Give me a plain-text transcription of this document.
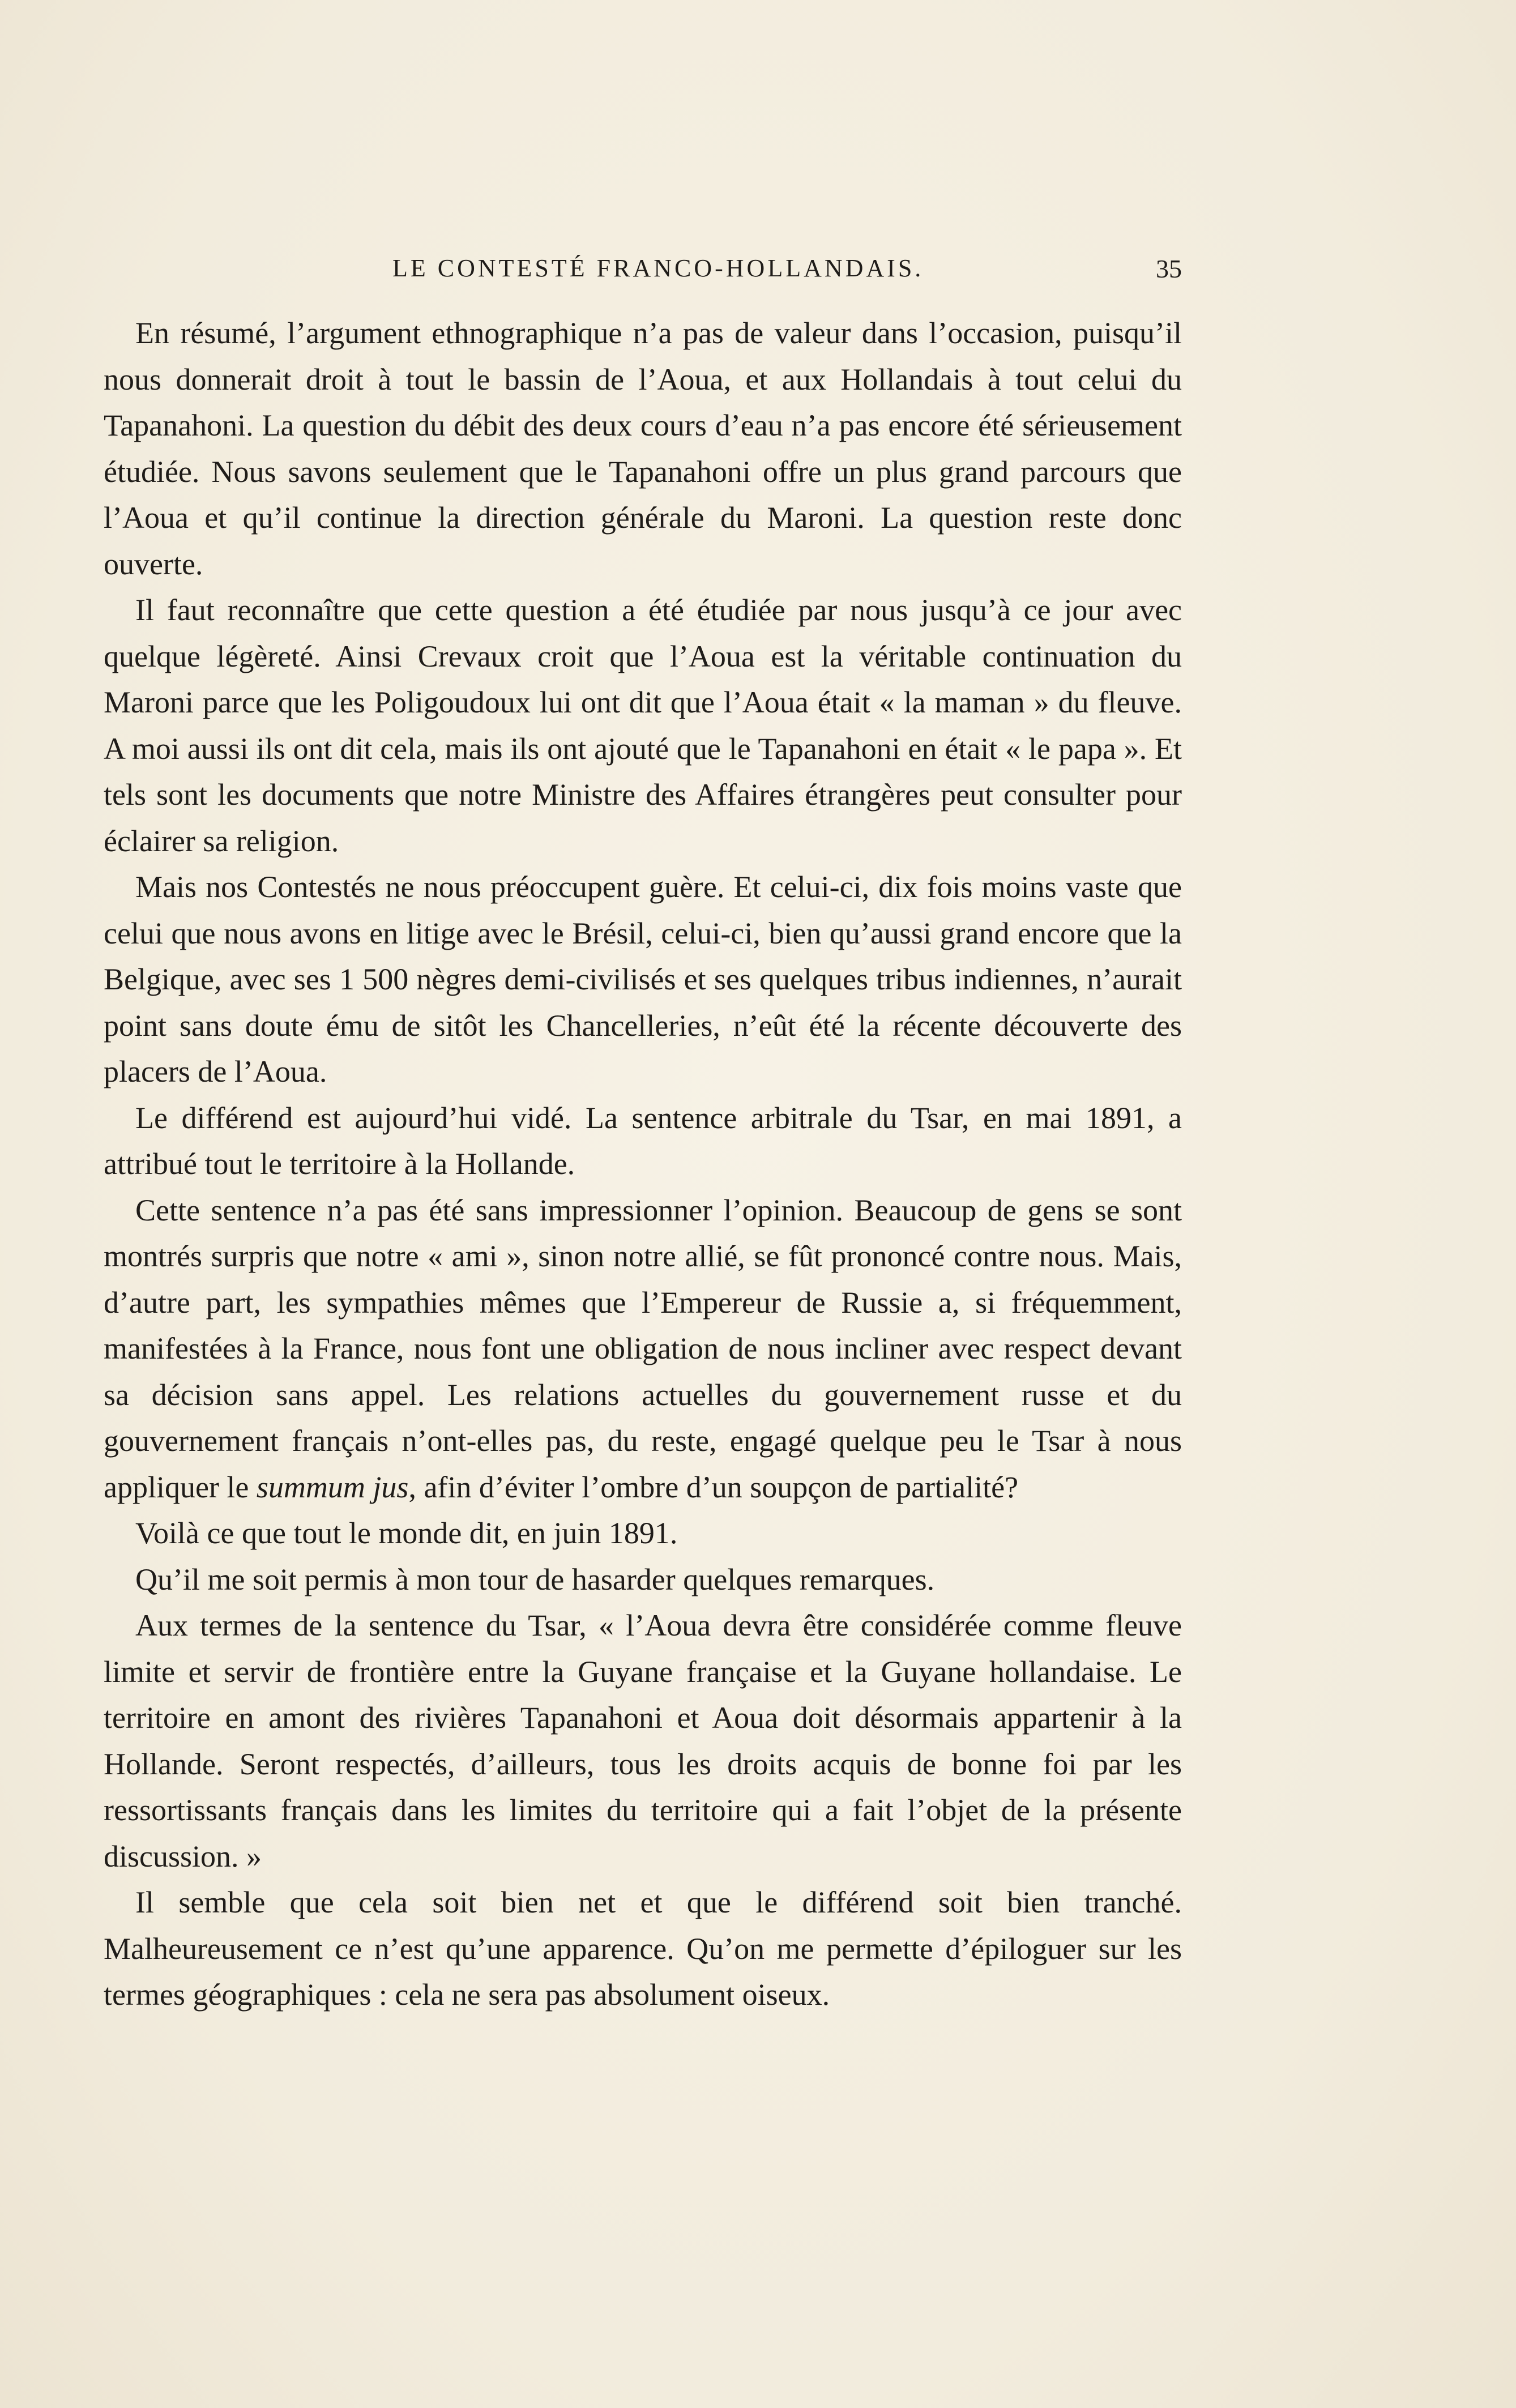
LE CONTESTÉ FRANCO-HOLLANDAIS.	35

En résumé, l’argument ethnographique n’a pas de valeur dans l’occasion, puisqu’il nous donnerait droit à tout le bassin de l’Aoua, et aux Hollandais à tout celui du Tapanahoni. La question du débit des deux cours d’eau n’a pas encore été sérieusement étudiée. Nous savons seulement que le Tapanahoni offre un plus grand parcours que l’Aoua et qu’il continue la direction générale du Maroni. La question reste donc ouverte.

Il faut reconnaître que cette question a été étudiée par nous jusqu’à ce jour avec quelque légèreté. Ainsi Crevaux croit que l’Aoua est la véritable continuation du Maroni parce que les Poligoudoux lui ont dit que l’Aoua était « la maman » du fleuve. A moi aussi ils ont dit cela, mais ils ont ajouté que le Tapanahoni en était « le papa ». Et tels sont les documents que notre Ministre des Affaires étrangères peut consulter pour éclairer sa religion.

Mais nos Contestés ne nous préoccupent guère. Et celui-ci, dix fois moins vaste que celui que nous avons en litige avec le Brésil, celui-ci, bien qu’aussi grand encore que la Belgique, avec ses 1 500 nègres demi-civilisés et ses quelques tribus indiennes, n’aurait point sans doute ému de sitôt les Chancelleries, n’eût été la récente découverte des placers de l’Aoua.

Le différend est aujourd’hui vidé. La sentence arbitrale du Tsar, en mai 1891, a attribué tout le territoire à la Hollande.

Cette sentence n’a pas été sans impressionner l’opinion. Beaucoup de gens se sont montrés surpris que notre « ami », sinon notre allié, se fût prononcé contre nous. Mais, d’autre part, les sympathies mêmes que l’Empereur de Russie a, si fréquemment, manifestées à la France, nous font une obligation de nous incliner avec respect devant sa décision sans appel. Les relations actuelles du gouvernement russe et du gouvernement français n’ont-elles pas, du reste, engagé quelque peu le Tsar à nous appliquer le summum jus, afin d’éviter l’ombre d’un soupçon de partialité?

Voilà ce que tout le monde dit, en juin 1891.

Qu’il me soit permis à mon tour de hasarder quelques remarques.

Aux termes de la sentence du Tsar, « l’Aoua devra être considérée comme fleuve limite et servir de frontière entre la Guyane française et la Guyane hollandaise. Le territoire en amont des rivières Tapanahoni et Aoua doit désormais appartenir à la Hollande. Seront respectés, d’ailleurs, tous les droits acquis de bonne foi par les ressortissants français dans les limites du territoire qui a fait l’objet de la présente discussion. »

Il semble que cela soit bien net et que le différend soit bien tranché. Malheureusement ce n’est qu’une apparence. Qu’on me permette d’épiloguer sur les termes géographiques : cela ne sera pas absolument oiseux.
